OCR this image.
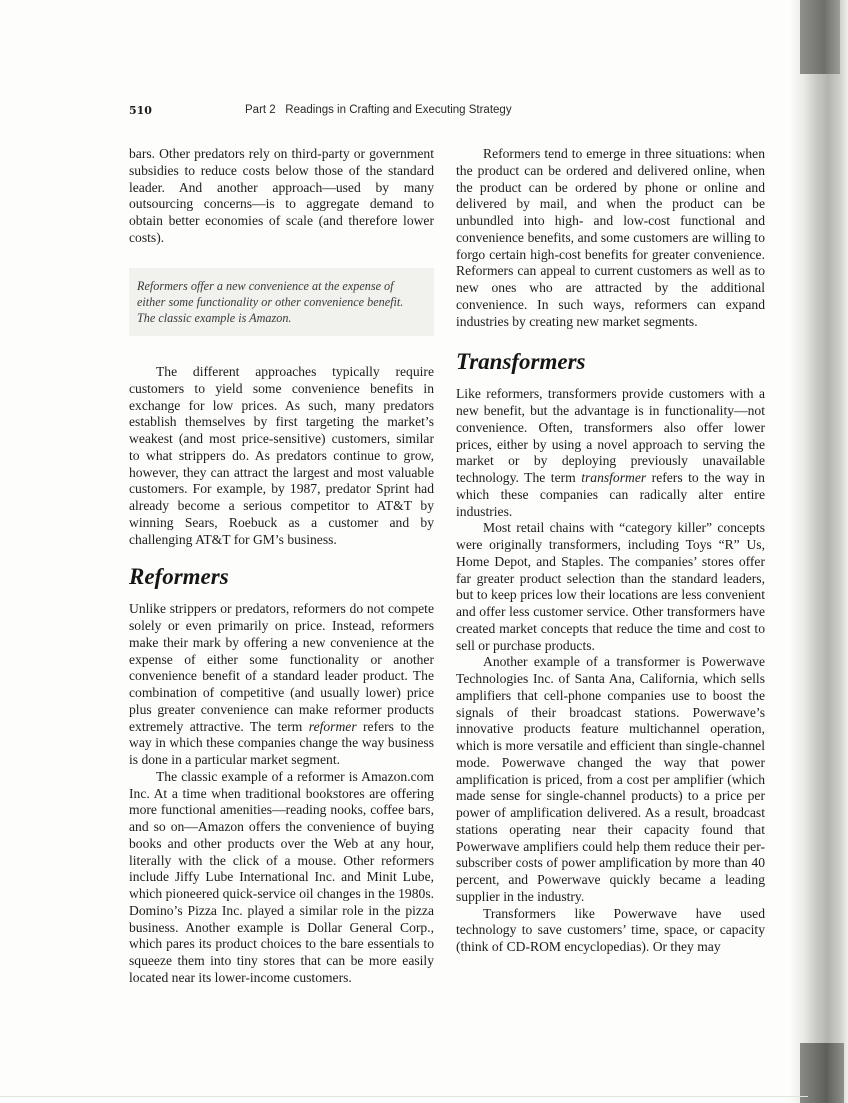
510	Part 2   Readings in Crafting and Executing Strategy

bars. Other predators rely on third-party or government subsidies to reduce costs below those of the standard leader. And another approach—used by many outsourcing concerns—is to aggregate demand to obtain better economies of scale (and therefore lower costs).

Reformers offer a new convenience at the expense of either some functionality or other convenience benefit. The classic example is Amazon.

The different approaches typically require customers to yield some convenience benefits in exchange for low prices. As such, many predators establish themselves by first targeting the market’s weakest (and most price-sensitive) customers, similar to what strippers do. As predators continue to grow, however, they can attract the largest and most valuable customers. For example, by 1987, predator Sprint had already become a serious competitor to AT&T by winning Sears, Roebuck as a customer and by challenging AT&T for GM’s business.

Reformers

Unlike strippers or predators, reformers do not compete solely or even primarily on price. Instead, reformers make their mark by offering a new convenience at the expense of either some functionality or another convenience benefit of a standard leader product. The combination of competitive (and usually lower) price plus greater convenience can make reformer products extremely attractive. The term reformer refers to the way in which these companies change the way business is done in a particular market segment.

The classic example of a reformer is Amazon.com Inc. At a time when traditional bookstores are offering more functional amenities—reading nooks, coffee bars, and so on—Amazon offers the convenience of buying books and other products over the Web at any hour, literally with the click of a mouse. Other reformers include Jiffy Lube International Inc. and Minit Lube, which pioneered quick-service oil changes in the 1980s. Domino’s Pizza Inc. played a similar role in the pizza business. Another example is Dollar General Corp., which pares its product choices to the bare essentials to squeeze them into tiny stores that can be more easily located near its lower-income customers.

Reformers tend to emerge in three situations: when the product can be ordered and delivered online, when the product can be ordered by phone or online and delivered by mail, and when the product can be unbundled into high- and low-cost functional and convenience benefits, and some customers are willing to forgo certain high-cost benefits for greater convenience. Reformers can appeal to current customers as well as to new ones who are attracted by the additional convenience. In such ways, reformers can expand industries by creating new market segments.

Transformers

Like reformers, transformers provide customers with a new benefit, but the advantage is in functionality—not convenience. Often, transformers also offer lower prices, either by using a novel approach to serving the market or by deploying previously unavailable technology. The term transformer refers to the way in which these companies can radically alter entire industries.

Most retail chains with “category killer” concepts were originally transformers, including Toys “R” Us, Home Depot, and Staples. The companies’ stores offer far greater product selection than the standard leaders, but to keep prices low their locations are less convenient and offer less customer service. Other transformers have created market concepts that reduce the time and cost to sell or purchase products.

Another example of a transformer is Powerwave Technologies Inc. of Santa Ana, California, which sells amplifiers that cell-phone companies use to boost the signals of their broadcast stations. Powerwave’s innovative products feature multichannel operation, which is more versatile and efficient than single-channel mode. Powerwave changed the way that power amplification is priced, from a cost per amplifier (which made sense for single-channel products) to a price per power of amplification delivered. As a result, broadcast stations operating near their capacity found that Powerwave amplifiers could help them reduce their per-subscriber costs of power amplification by more than 40 percent, and Powerwave quickly became a leading supplier in the industry.

Transformers like Powerwave have used technology to save customers’ time, space, or capacity (think of CD-ROM encyclopedias). Or they may
